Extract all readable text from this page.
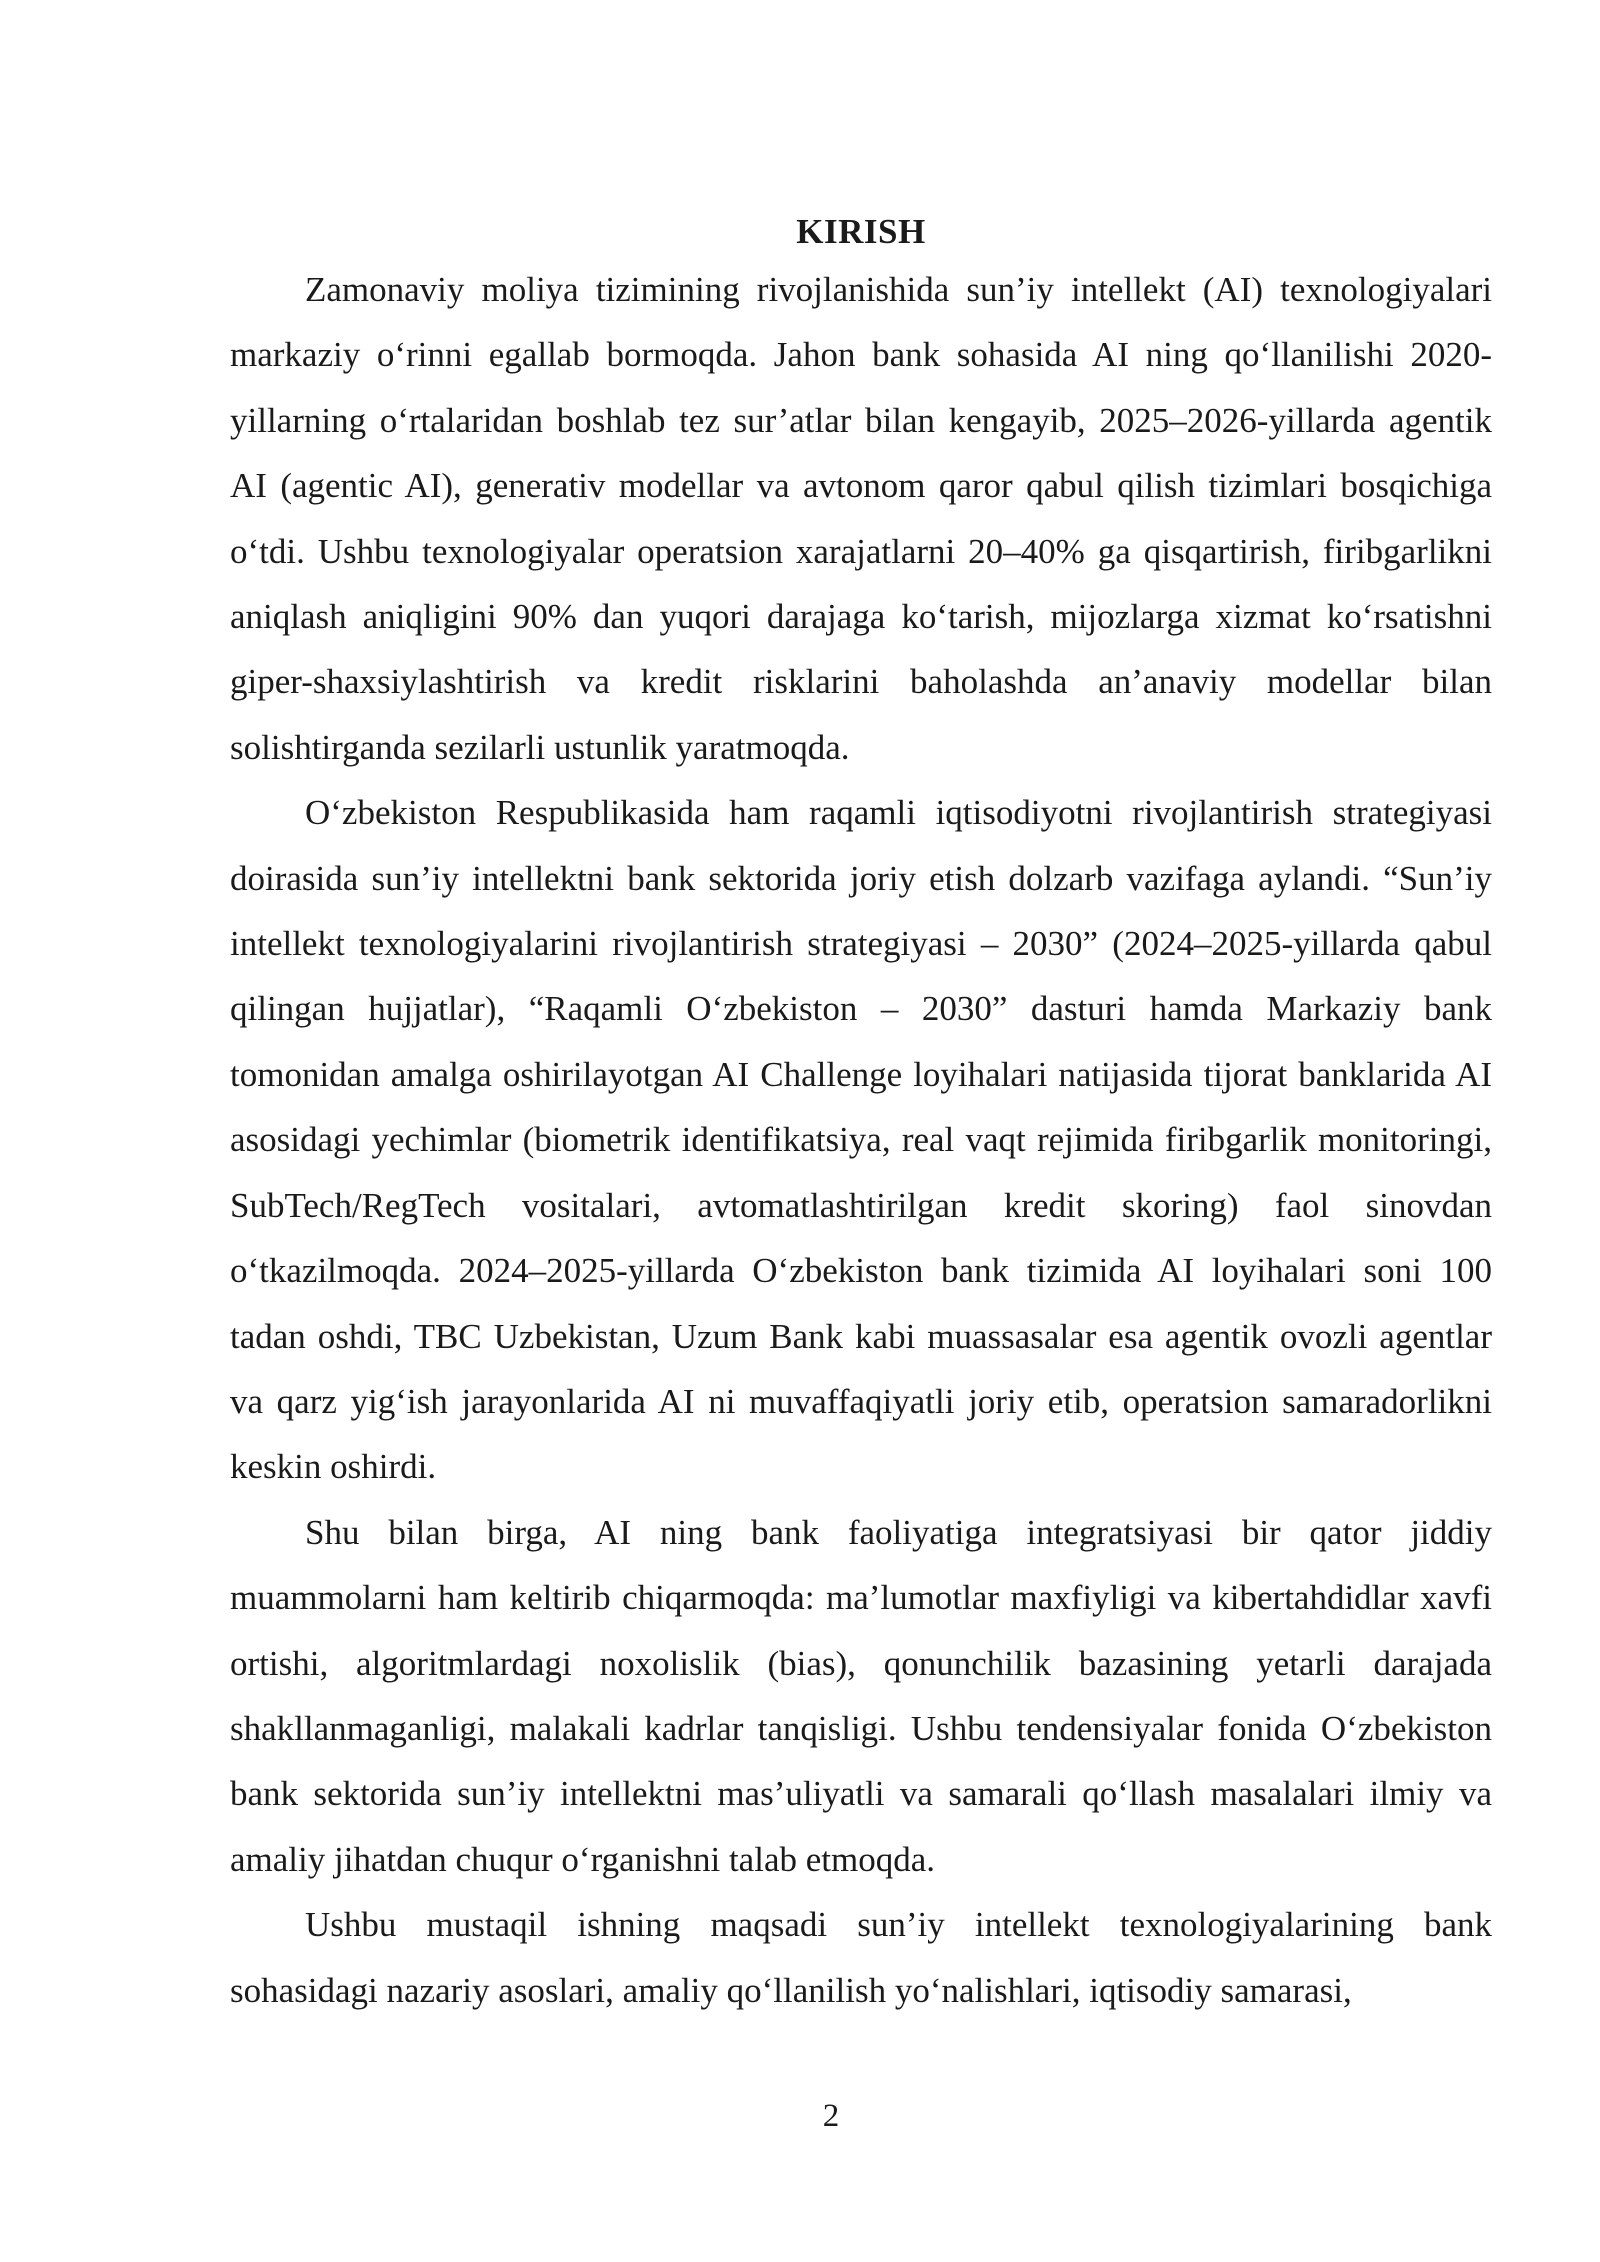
KIRISH

Zamonaviy moliya tizimining rivojlanishida sun’iy intellekt (AI) texnologiyalari markaziy o‘rinni egallab bormoqda. Jahon bank sohasida AI ning qo‘llanilishi 2020-yillarning o‘rtalaridan boshlab tez sur’atlar bilan kengayib, 2025–2026-yillarda agentik AI (agentic AI), generativ modellar va avtonom qaror qabul qilish tizimlari bosqichiga o‘tdi. Ushbu texnologiyalar operatsion xarajatlarni 20–40% ga qisqartirish, firibgarlikni aniqlash aniqligini 90% dan yuqori darajaga ko‘tarish, mijozlarga xizmat ko‘rsatishni giper-shaxsiylashtirish va kredit risklarini baholashda an’anaviy modellar bilan solishtirganda sezilarli ustunlik yaratmoqda.

O‘zbekiston Respublikasida ham raqamli iqtisodiyotni rivojlantirish strategiyasi doirasida sun’iy intellektni bank sektorida joriy etish dolzarb vazifaga aylandi. “Sun’iy intellekt texnologiyalarini rivojlantirish strategiyasi – 2030” (2024–2025-yillarda qabul qilingan hujjatlar), “Raqamli O‘zbekiston – 2030” dasturi hamda Markaziy bank tomonidan amalga oshirilayotgan AI Challenge loyihalari natijasida tijorat banklarida AI asosidagi yechimlar (biometrik identifikatsiya, real vaqt rejimida firibgarlik monitoringi, SubTech/RegTech vositalari, avtomatlashtirilgan kredit skoring) faol sinovdan o‘tkazilmoqda. 2024–2025-yillarda O‘zbekiston bank tizimida AI loyihalari soni 100 tadan oshdi, TBC Uzbekistan, Uzum Bank kabi muassasalar esa agentik ovozli agentlar va qarz yig‘ish jarayonlarida AI ni muvaffaqiyatli joriy etib, operatsion samaradorlikni keskin oshirdi.

Shu bilan birga, AI ning bank faoliyatiga integratsiyasi bir qator jiddiy muammolarni ham keltirib chiqarmoqda: ma’lumotlar maxfiyligi va kibertahdidlar xavfi ortishi, algoritmlardagi noxolislik (bias), qonunchilik bazasining yetarli darajada shakllanmaganligi, malakali kadrlar tanqisligi. Ushbu tendensiyalar fonida O‘zbekiston bank sektorida sun’iy intellektni mas’uliyatli va samarali qo‘llash masalalari ilmiy va amaliy jihatdan chuqur o‘rganishni talab etmoqda.

Ushbu mustaqil ishning maqsadi sun’iy intellekt texnologiyalarining bank sohasidagi nazariy asoslari, amaliy qo‘llanilish yo‘nalishlari, iqtisodiy samarasi,

2
